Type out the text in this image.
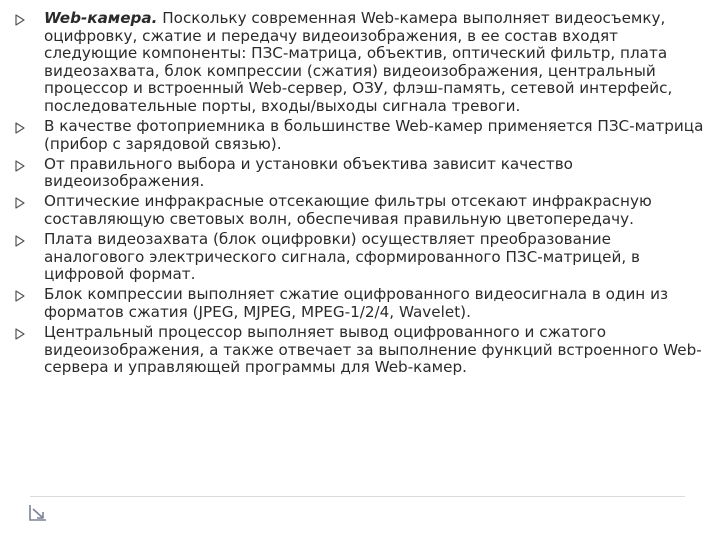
Web-камера. Поскольку современная Web-камера выполняет видеосъемку, оцифровку, сжатие и передачу видеоизображения, в ее состав входят следующие компоненты: ПЗС-матрица, объектив, оптический фильтр, плата видеозахвата, блок компрессии (сжатия) видеоизображения, центральный процессор и встроенный Web-сервер, ОЗУ, флэш-память, сетевой интерфейс, последовательные порты, входы/выходы сигнала тревоги.
В качестве фотоприемника в большинстве Web-камер применяется ПЗС-матрица (прибор с зарядовой связью).
От правильного выбора и установки объектива зависит качество видеоизображения.
Оптические инфракрасные отсекающие фильтры отсекают инфракрасную составляющую световых волн, обеспечивая правильную цветопередачу.
Плата видеозахвата (блок оцифровки) осуществляет преобразование аналогового электрического сигнала, сформированного ПЗС-матрицей, в цифровой формат.
Блок компрессии выполняет сжатие оцифрованного видеосигнала в один из форматов сжатия (JPEG, MJPEG, MPEG-1/2/4, Wavelet).
Центральный процессор выполняет вывод оцифрованного и сжатого видеоизображения, а также отвечает за выполнение функций встроенного Web-сервера и управляющей программы для Web-камер.
